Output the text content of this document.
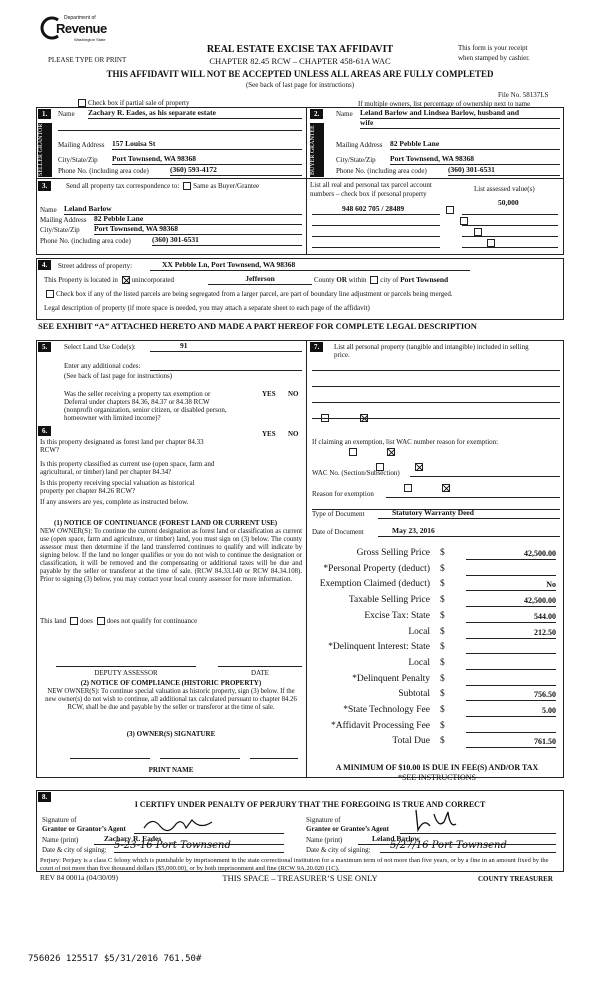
Department of
Revenue
Washington State
PLEASE TYPE OR PRINT
REAL ESTATE EXCISE TAX AFFIDAVIT
CHAPTER 82.45 RCW – CHAPTER 458-61A WAC
This form is your receipt
when stamped by cashier.
THIS AFFIDAVIT WILL NOT BE ACCEPTED UNLESS ALL AREAS ARE FULLY COMPLETED
(See back of last page for instructions)
File No. 58137LS
Check box if partial sale of property	If multiple owners, list percentage of ownership next to name
1.
SELLER GRANTOR
Name Zachary R. Eades, as his separate estate
Mailing Address 157 Louisa St
City/State/Zip Port Townsend, WA 98368
Phone No. (including area code)	(360) 593-4172
2.
BUYER GRANTEE
Name Leland Barlow and Lindsea Barlow, husband and
wife
Mailing Address 82 Pebble Lane
City/State/Zip Port Townsend, WA 98368
Phone No. (including area code)	(360) 301-6531
3.	Send all property tax correspondence to: Same as Buyer/Grantee
Name Leland Barlow
Mailing Address 82 Pebble Lane
City/State/Zip Port Townsend, WA 98368
Phone No. (including area code)	(360) 301-6531
List all real and personal tax parcel account
numbers – check box if personal property
List assessed value(s)
948 602 705 / 28489
50,000

4.	Street address of property:	XX Pebble Ln, Port Townsend, WA 98368
This Property is located in unincorporated	Jefferson	County OR within city of Port Townsend
Check box if any of the listed parcels are being segregated from a larger parcel, are part of boundary line adjustment or parcels being merged.
Legal description of property (if more space is needed, you may attach a separate sheet to each page of the affidavit)
SEE EXHIBIT “A” ATTACHED HERETO AND MADE A PART HEREOF FOR COMPLETE LEGAL DESCRIPTION
5.	Select Land Use Code(s):	91
Enter any additional codes:
(See back of last page for instructions)
YES NO
Was the seller receiving a property tax exemption or
Deferral under chapters 84.36, 84.37 or 84.38 RCW
(nonprofit organization, senior citizen, or disabled person,
homeowner with limited income)?

6.	YES NO
Is this property designated as forest land per chapter 84.33
RCW?

Is this property classified as current use (open space, farm and
agricultural, or timber) land per chapter 84.34?

Is this property receiving special valuation as historical
property per chapter 84.26 RCW?

If any answers are yes, complete as instructed below.
(1) NOTICE OF CONTINUANCE (FOREST LAND OR CURRENT USE)
NEW OWNER(S): To continue the current designation as forest land or classification as current use (open space, farm and agriculture, or timber) land, you must sign on (3) below. The county assessor must then determine if the land transferred continues to qualify and will indicate by signing below. If the land no longer qualifies or you do not wish to continue the designation or classification, it will be removed and the compensating or additional taxes will be due and payable by the seller or transferor at the time of sale. (RCW 84.33.140 or RCW 84.34.108). Prior to signing (3) below, you may contact your local county assessor for more information.
This land does does not qualify for continuance
DEPUTY ASSESSOR	DATE
(2) NOTICE OF COMPLIANCE (HISTORIC PROPERTY)
NEW OWNER(S): To continue special valuation as historic property, sign (3) below. If the new owner(s) do not wish to continue, all additional tax calculated pursuant to chapter 84.26 RCW, shall be due and payable by the seller or transferor at the time of sale.
(3) OWNER(S) SIGNATURE
PRINT NAME
7.	List all personal property (tangible and intangible) included in selling
price.
If claiming an exemption, list WAC number reason for exemption:
WAC No. (Section/Subsection)
Reason for exemption
Type of Document	Statutory Warranty Deed
Date of Document	May 23, 2016
Gross Selling Price $	42,500.00
*Personal Property (deduct) $
Exemption Claimed (deduct) $	No
Taxable Selling Price $	42,500.00
Excise Tax: State $	544.00
Local $	212.50
*Delinquent Interest: State $
Local $
*Delinquent Penalty $
Subtotal $	756.50
*State Technology Fee $	5.00
*Affidavit Processing Fee $
Total Due $	761.50
A MINIMUM OF $10.00 IS DUE IN FEE(S) AND/OR TAX
*SEE INSTRUCTIONS
8.
I CERTIFY UNDER PENALTY OF PERJURY THAT THE FOREGOING IS TRUE AND CORRECT
Signature of
Grantor or Grantor’s Agent
Name (print)	Zachary R. Eades
Date & city of signing: 5-23-16 Port Townsend
Signature of
Grantee or Grantee’s Agent
Name (print)	Leland Barlow
Date & city of signing:	5/27/16 Port Townsend
Perjury: Perjury is a class C felony which is punishable by imprisonment in the state correctional institution for a maximum term of not more than five years, or by a fine in an amount fixed by the court of not more than five thousand dollars ($5,000.00), or by both imprisonment and fine (RCW 9A.20.020 (1C).
REV 84 0001a (04/30/09)	THIS SPACE – TREASURER’S USE ONLY	COUNTY TREASURER
756026 125517 $5/31/2016 761.50#
